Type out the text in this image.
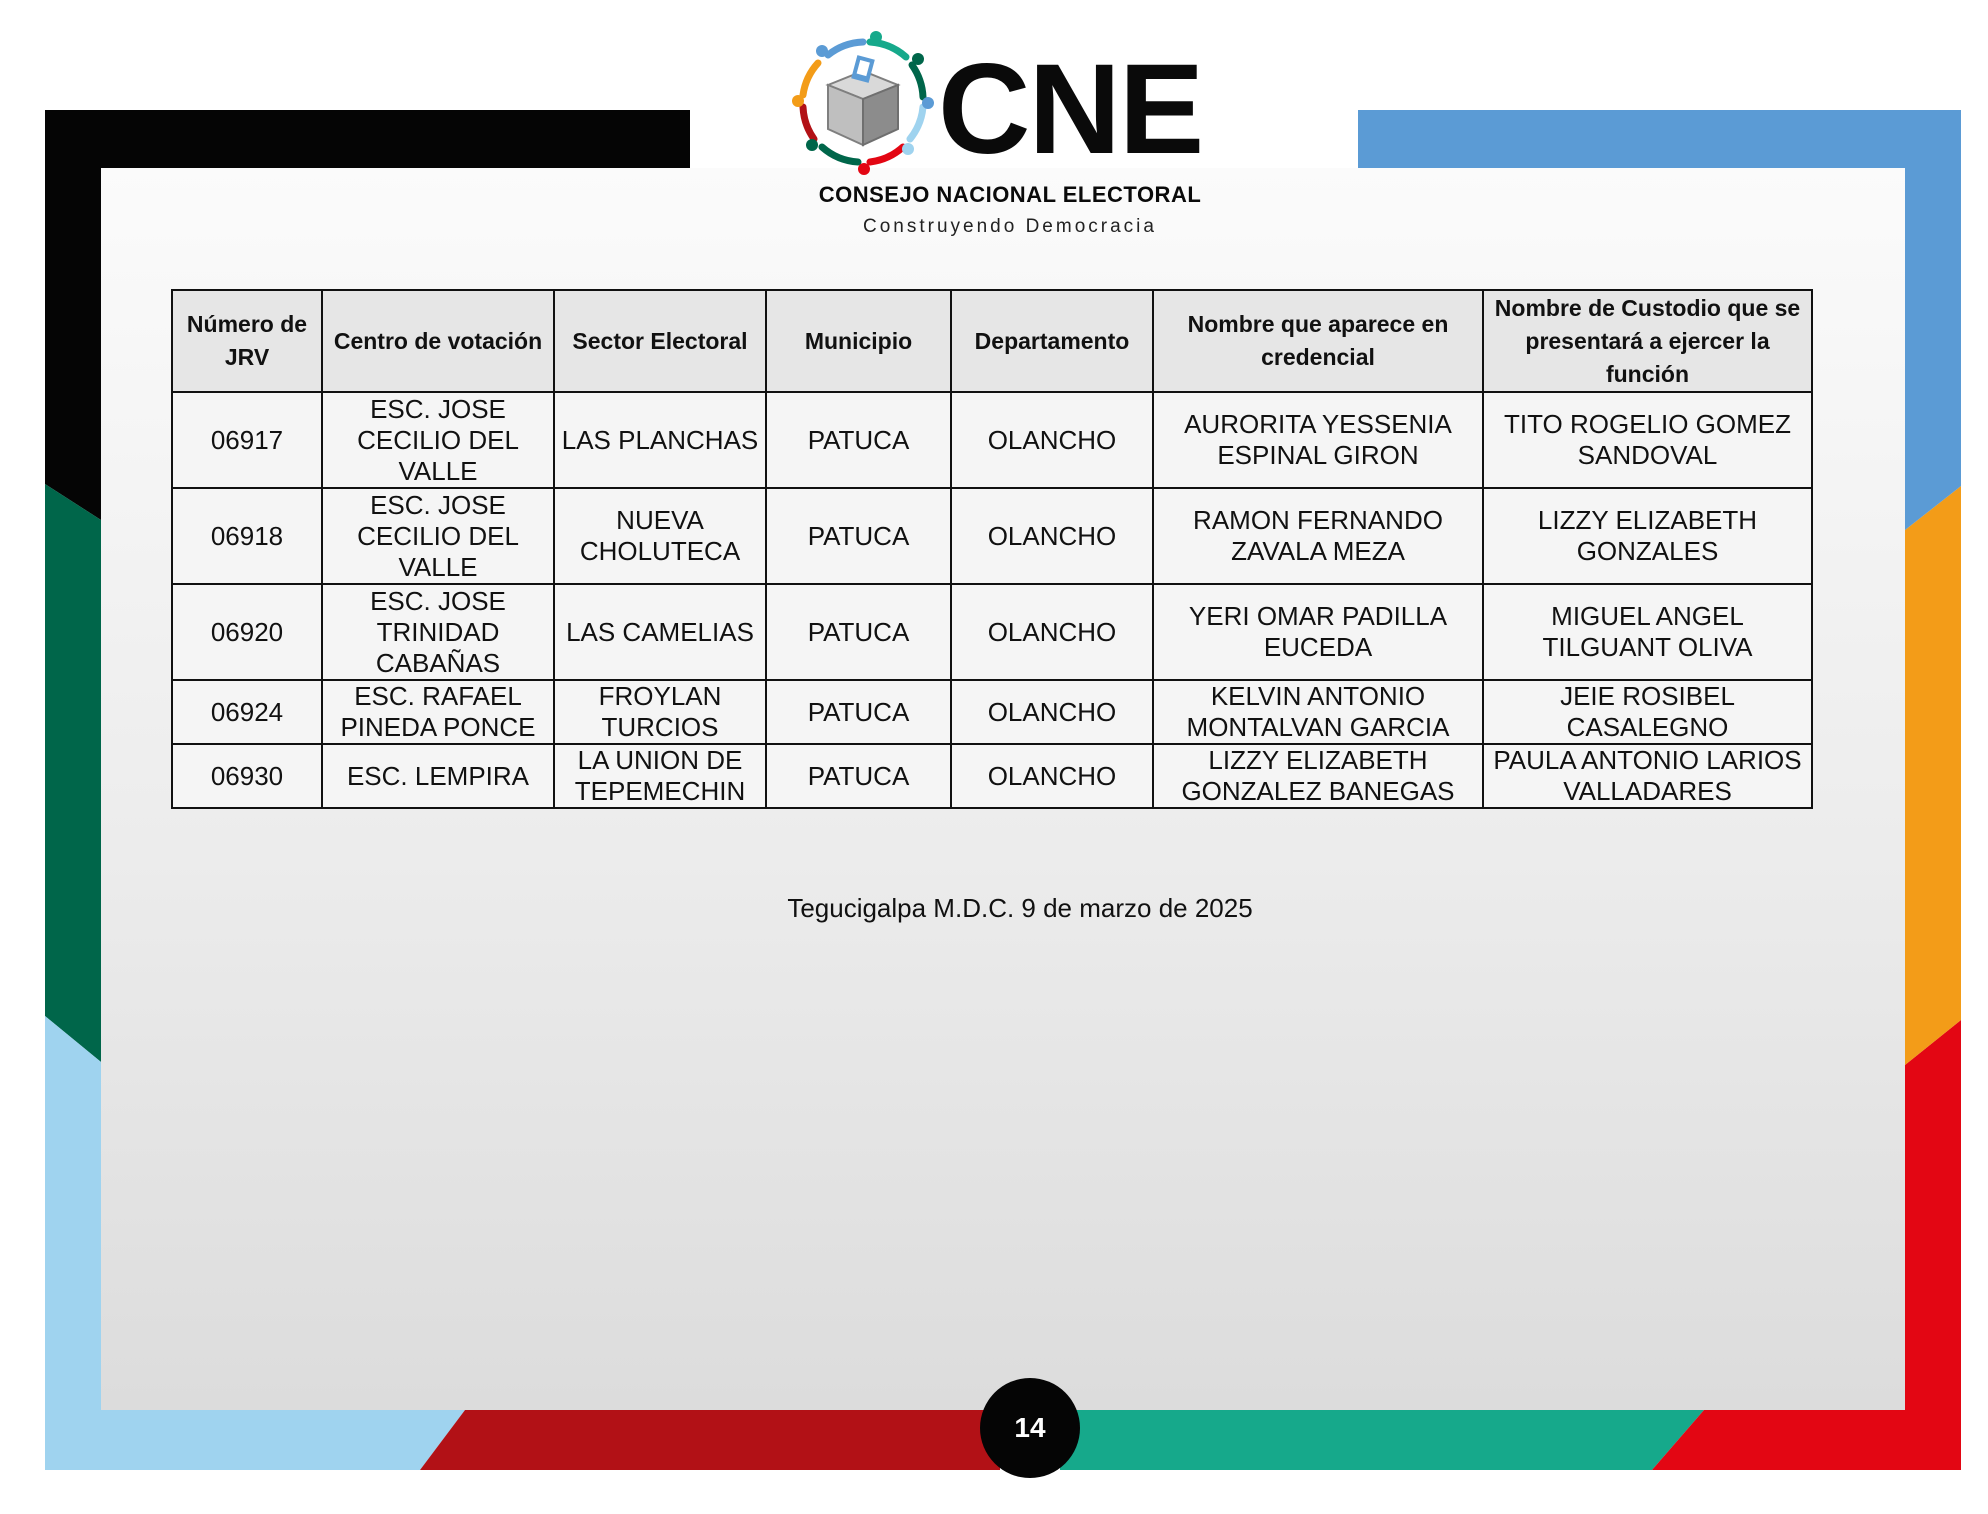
CNE
CONSEJO NACIONAL ELECTORAL
Construyendo Democracia
Número de JRV	Centro de votación	Sector Electoral	Municipio	Departamento	Nombre que aparece en credencial	Nombre de Custodio que se presentará a ejercer la función
06917	ESC. JOSE CECILIO DEL VALLE	LAS PLANCHAS	PATUCA	OLANCHO	AURORITA YESSENIA ESPINAL GIRON	TITO ROGELIO GOMEZ SANDOVAL
06918	ESC. JOSE CECILIO DEL VALLE	NUEVA CHOLUTECA	PATUCA	OLANCHO	RAMON FERNANDO ZAVALA MEZA	LIZZY ELIZABETH GONZALES
06920	ESC. JOSE TRINIDAD CABAÑAS	LAS CAMELIAS	PATUCA	OLANCHO	YERI OMAR PADILLA EUCEDA	MIGUEL ANGEL TILGUANT OLIVA
06924	ESC. RAFAEL PINEDA PONCE	FROYLAN TURCIOS	PATUCA	OLANCHO	KELVIN ANTONIO MONTALVAN GARCIA	JEIE ROSIBEL CASALEGNO
06930	ESC. LEMPIRA	LA UNION DE TEPEMECHIN	PATUCA	OLANCHO	LIZZY ELIZABETH GONZALEZ BANEGAS	PAULA ANTONIO LARIOS VALLADARES
Tegucigalpa M.D.C. 9 de marzo de 2025
14
